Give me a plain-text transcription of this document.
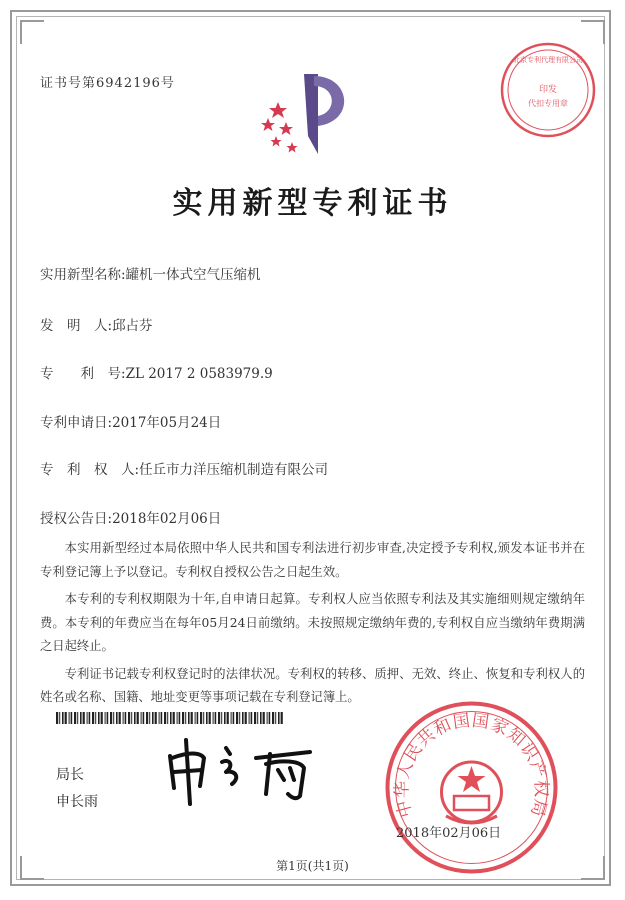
证书号第6942196号
北京专利代理有限公司
印发
代扣专用章
实用新型专利证书
实用新型名称:罐机一体式空气压缩机
发　明　人:邱占芬
专　　利　号:ZL 2017 2 0583979.9
专利申请日:2017年05月24日
专　利　权　人:任丘市力洋压缩机制造有限公司
授权公告日:2018年02月06日

本实用新型经过本局依照中华人民共和国专利法进行初步审查,决定授予专利权,颁发本证书并在专利登记簿上予以登记。专利权自授权公告之日起生效。

本专利的专利权期限为十年,自申请日起算。专利权人应当依照专利法及其实施细则规定缴纳年费。本专利的年费应当在每年05月24日前缴纳。未按照规定缴纳年费的,专利权自应当缴纳年费期满之日起终止。

专利证书记载专利权登记时的法律状况。专利权的转移、质押、无效、终止、恢复和专利权人的姓名或名称、国籍、地址变更等事项记载在专利登记簿上。

局长
申长雨	中华人民共和国国家知识产权局
2018年02月06日
第1页(共1页)
